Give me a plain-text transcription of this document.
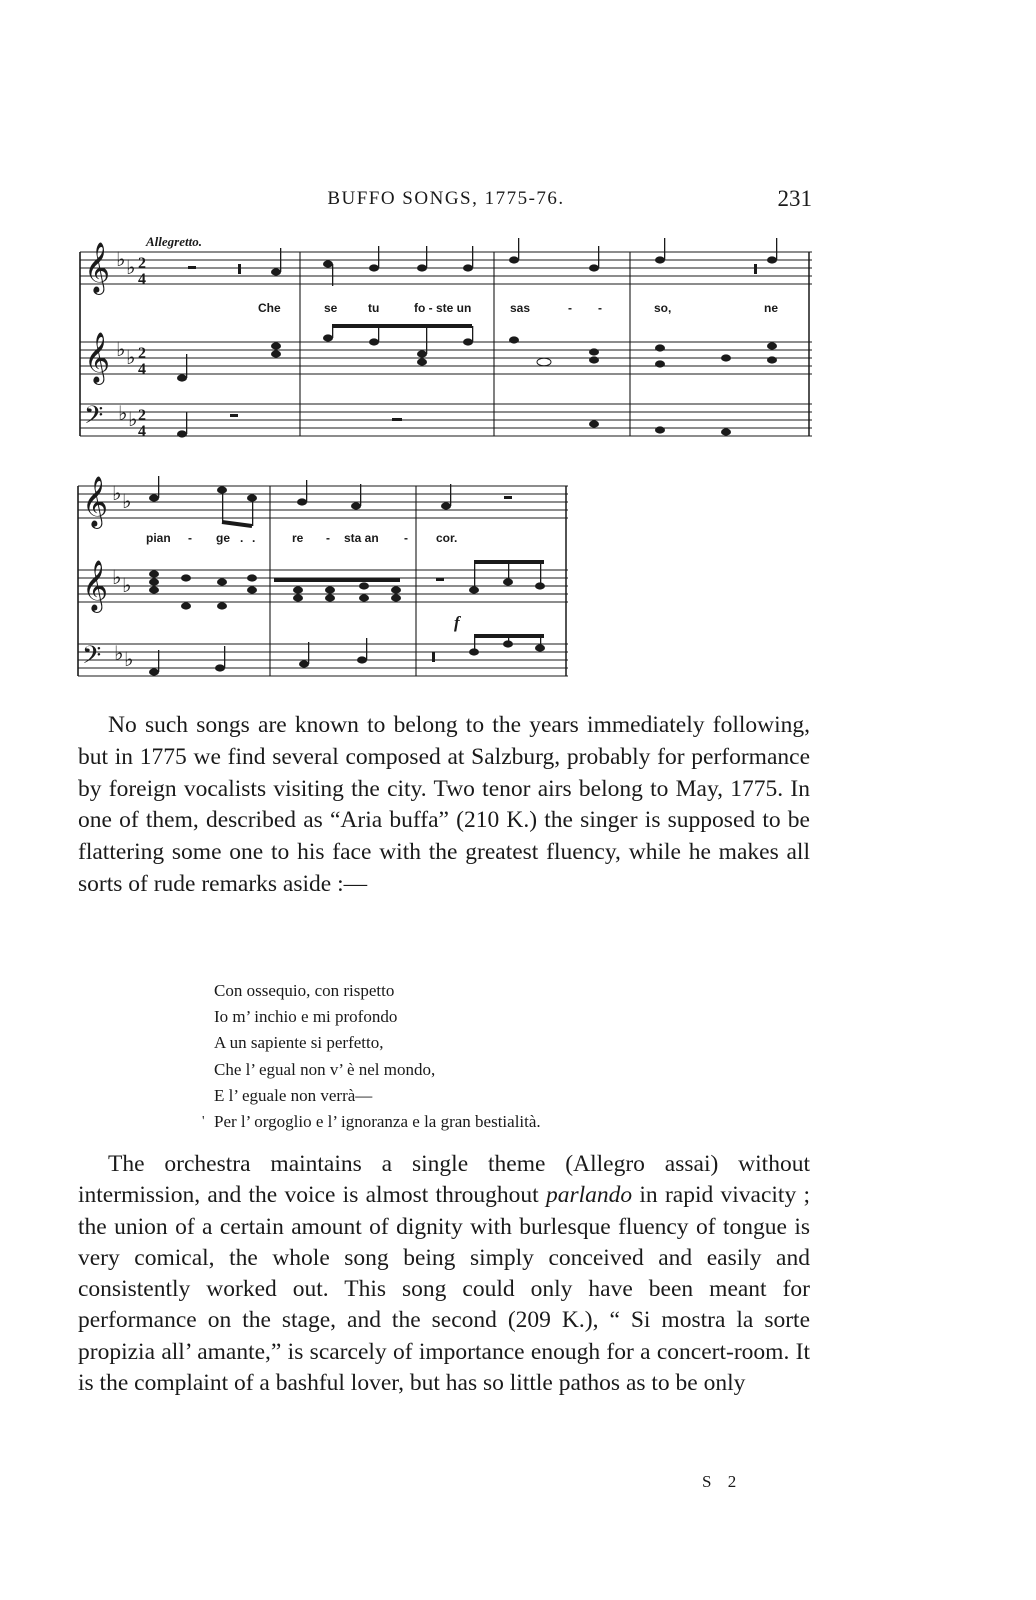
BUFFO SONGS, 1775-76.	231
𝄞
𝄞
𝄢
♭ ♭
♭ ♭
♭ ♭
2
4
2
4
2
4
Che	se	tu	fo - ste un	sas	- -	so,	ne
Allegretto.
𝄞
𝄞
𝄢
♭ ♭
♭ ♭
♭ ♭
pian - ge . .	re - sta an - cor.
f

No such songs are known to belong to the years immediately following, but in 1775 we find several composed at Salzburg, probably for performance by foreign vocalists visiting the city. Two tenor airs belong to May, 1775. In one of them, described as “Aria buffa” (210 K.) the singer is supposed to be flattering some one to his face with the greatest fluency, while he makes all sorts of rude remarks aside :—

Con ossequio, con rispetto
Io m’ inchio e mi profondo
A un sapiente si perfetto,
Che l’ egual non v’ è nel mondo,
E l’ eguale non verrà—
' Per l’ orgoglio e l’ ignoranza e la gran bestialità.

The orchestra maintains a single theme (Allegro assai) without intermission, and the voice is almost throughout parlando in rapid vivacity ; the union of a certain amount of dignity with burlesque fluency of tongue is very comical, the whole song being simply conceived and easily and consistently worked out. This song could only have been meant for performance on the stage, and the second (209 K.), “ Si mostra la sorte propizia all’ amante,” is scarcely of importance enough for a concert-room. It is the complaint of a bashful lover, but has so little pathos as to be only

S 2
